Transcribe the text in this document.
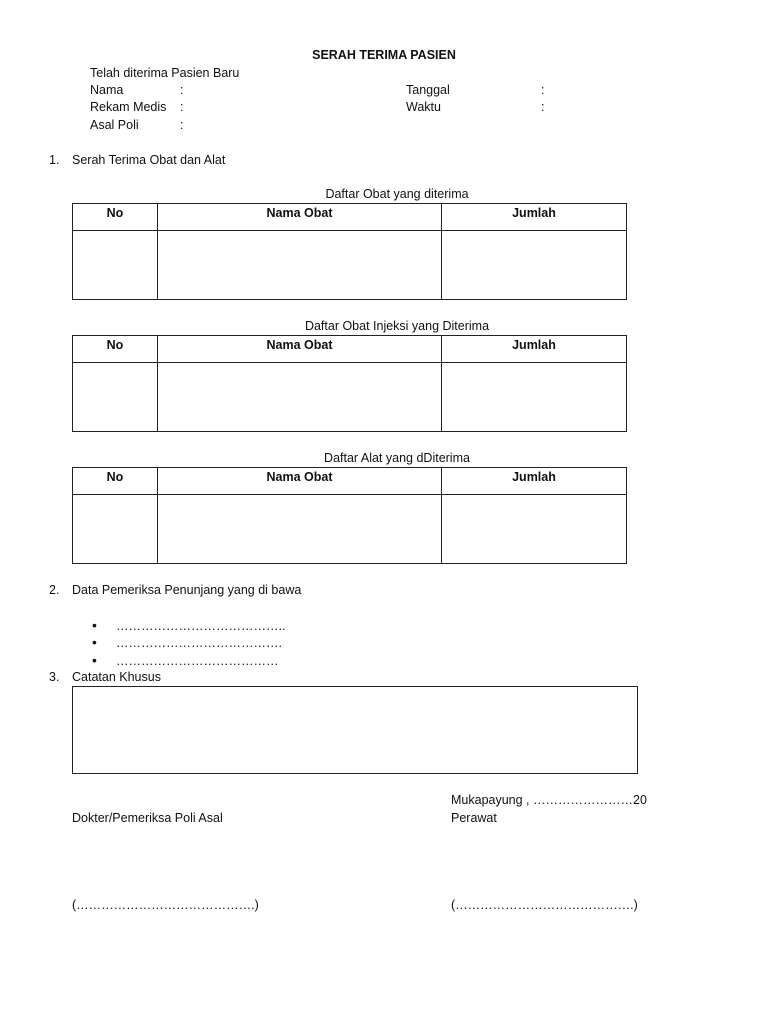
SERAH TERIMA PASIEN
Telah diterima Pasien Baru
Nama	:
Rekam Medis :
Asal Poli	:
Tanggal	:
Waktu	:
1.	Serah Terima Obat dan Alat
Daftar Obat yang diterima
No	Nama Obat	Jumlah

Daftar Obat Injeksi yang Diterima
No	Nama Obat	Jumlah

Daftar Alat yang dDiterima
No	Nama Obat	Jumlah

2.	Data Pemeriksa Penunjang yang di bawa
• …………………………………..
• ………………………………….
• …………………………………
3.	Catatan Khusus
Mukapayung , ……………………20
Dokter/Pemeriksa Poli Asal	Perawat
(…………………………………….)	(…………………………………….)
